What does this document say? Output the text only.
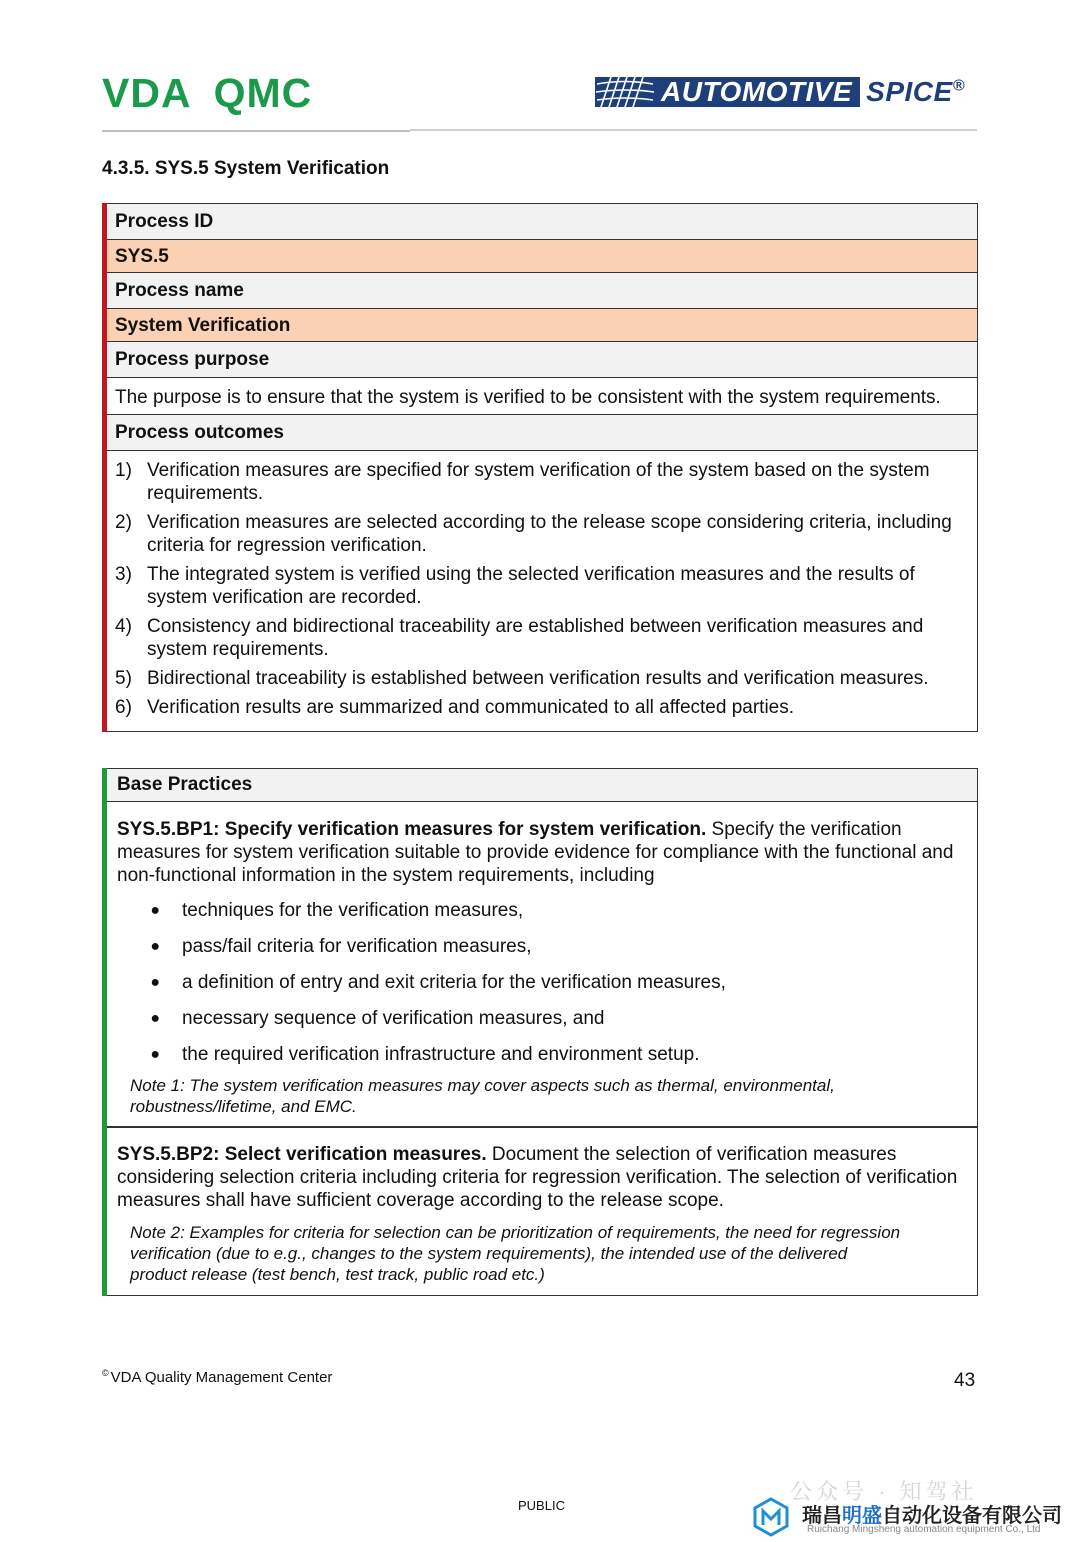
VDA QMC	AUTOMOTIVE SPICE®
4.3.5. SYS.5 System Verification
Process ID
SYS.5
Process name
System Verification
Process purpose
The purpose is to ensure that the system is verified to be consistent with the system requirements.
Process outcomes
1) Verification measures are specified for system verification of the system based on the system requirements.
2) Verification measures are selected according to the release scope considering criteria, including criteria for regression verification.
3) The integrated system is verified using the selected verification measures and the results of system verification are recorded.
4) Consistency and bidirectional traceability are established between verification measures and system requirements.
5) Bidirectional traceability is established between verification results and verification measures.
6) Verification results are summarized and communicated to all affected parties.
Base Practices

SYS.5.BP1: Specify verification measures for system verification. Specify the verification measures for system verification suitable to provide evidence for compliance with the functional and non-functional information in the system requirements, including

●	techniques for the verification measures,
●	pass/fail criteria for verification measures,
●	a definition of entry and exit criteria for the verification measures,
●	necessary sequence of verification measures, and
●	the required verification infrastructure and environment setup.

Note 1: The system verification measures may cover aspects such as thermal, environmental, robustness/lifetime, and EMC.

SYS.5.BP2: Select verification measures. Document the selection of verification measures considering selection criteria including criteria for regression verification. The selection of verification measures shall have sufficient coverage according to the release scope.

Note 2: Examples for criteria for selection can be prioritization of requirements, the need for regression verification (due to e.g., changes to the system requirements), the intended use of the delivered product release (test bench, test track, public road etc.)

© VDA Quality Management Center	43
PUBLIC
公众号 · 知驾社
瑞昌明盛自动化设备有限公司
Ruichang Mingsheng automation equipment Co., Ltd
